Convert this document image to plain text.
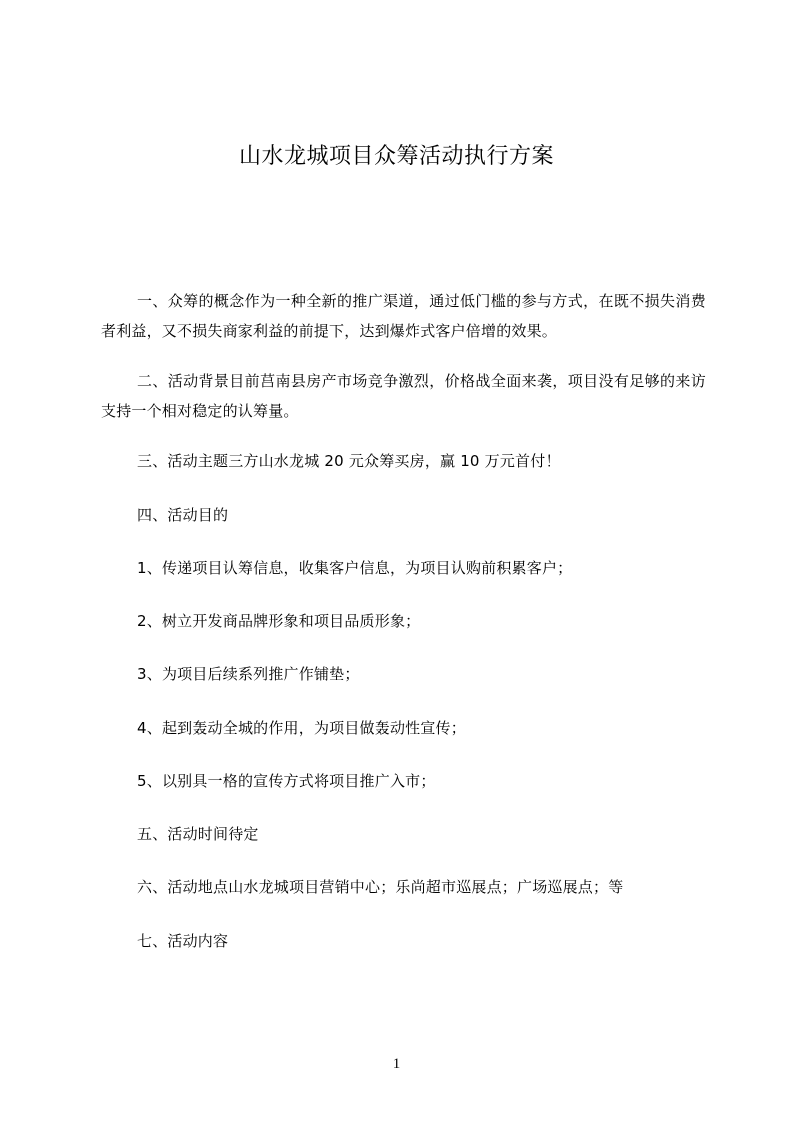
山水龙城项目众筹活动执行方案
一、众筹的概念作为一种全新的推广渠道，通过低门槛的参与方式，在既不损失消费者利益，又不损失商家利益的前提下，达到爆炸式客户倍增的效果。
二、活动背景目前莒南县房产市场竞争激烈，价格战全面来袭，项目没有足够的来访支持一个相对稳定的认筹量。
三、活动主题三方山水龙城 20 元众筹买房，赢 10 万元首付！
四、活动目的
1、传递项目认筹信息，收集客户信息，为项目认购前积累客户；
2、树立开发商品牌形象和项目品质形象；
3、为项目后续系列推广作铺垫；
4、起到轰动全城的作用，为项目做轰动性宣传；
5、以别具一格的宣传方式将项目推广入市；
五、活动时间待定
六、活动地点山水龙城项目营销中心；乐尚超市巡展点；广场巡展点；等
七、活动内容
1
